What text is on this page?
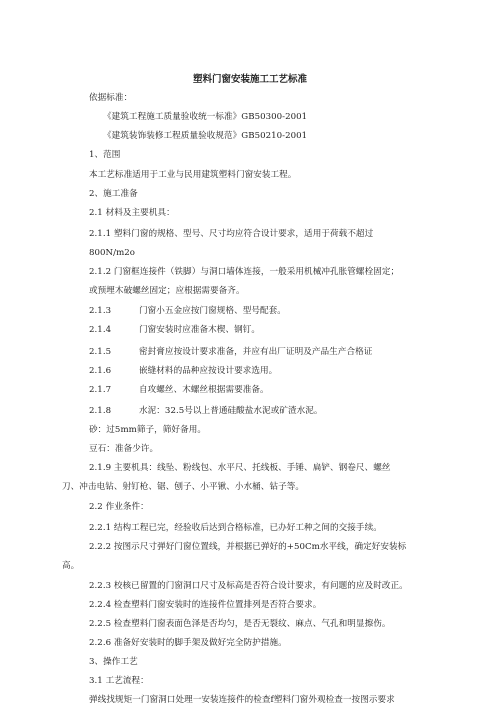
塑料门窗安装施工工艺标准
依据标准：
《建筑工程施工质量验收统一标准》GB50300-2001
《建筑装饰装修工程质量验收规范》GB50210-2001
1、范围
本工艺标准适用于工业与民用建筑塑料门窗安装工程。
2、施工准备
2.1 材料及主要机具：
2.1.1 塑料门窗的规格、型号、尺寸均应符合设计要求，适用于荷载不超过
800N/m2o
2.1.2 门窗框连接件（铁脚）与洞口墙体连接，一般采用机械冲孔胀管螺栓固定；
或预埋木破螺丝固定；应根据需要备齐。
2.1.3	门窗小五金应按门窗规格、型号配套。
2.1.4	门窗安装时应准备木楔、钢钉。
2.1.5	密封膏应按设计要求准备，并应有出厂证明及产品生产合格证
2.1.6	嵌缝材料的品种应按设计要求选用。
2.1.7	自攻螺丝、木螺丝根据需要准备。
2.1.8	水泥：32.5号以上普通硅酸盐水泥或矿渣水泥。
砂：过5mm筛子，筛好备用。
豆石：准备少许。
2.1.9 主要机具：线坠、粉线包、水平尺、托线板、手锤、扁铲、钢卷尺、螺丝
刀、冲击电钻、射钉枪、锯、刨子、小平锹、小水桶、钻子等。
2.2 作业条件：
2.2.1 结构工程已完，经验收后达到合格标准，已办好工种之间的交接手续。
2.2.2 按图示尺寸弹好门窗位置线，并根据已弹好的+50Cm水平线，确定好安装标
高。
2.2.3 校核已留置的门窗洞口尺寸及标高是否符合设计要求，有问题的应及时改正。
2.2.4 检查塑料门窗安装时的连接件位置排列是否符合要求。
2.2.5 检查塑料门窗表面色泽是否均匀，是否无裂纹、麻点、气孔和明显擦伤。
2.2.6 准备好安装时的脚手架及做好完全防护措施。
3、操作工艺
3.1 工艺流程：
弹线找规矩一门窗洞口处理一安装连接件的检查f塑料门窗外观检查一按图示要求
